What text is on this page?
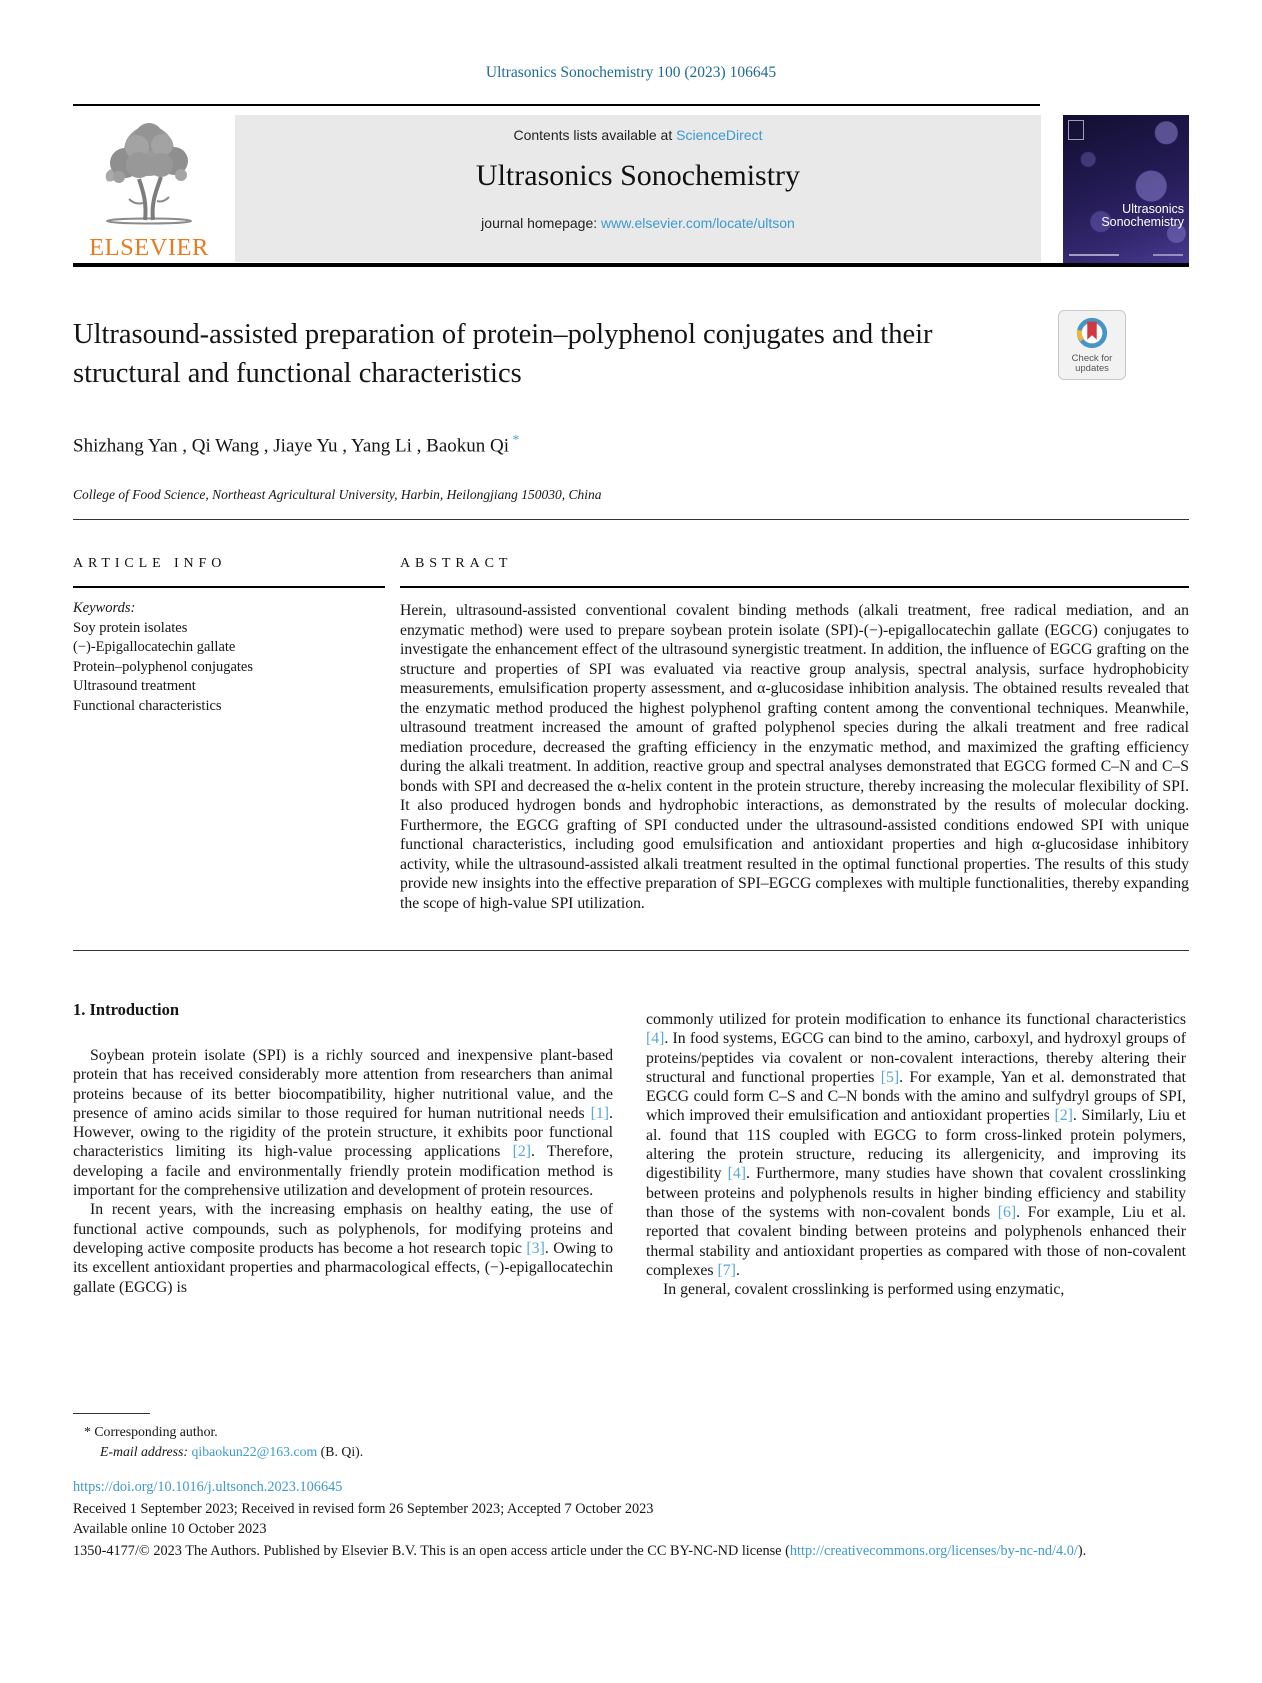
Ultrasonics Sonochemistry 100 (2023) 106645
ELSEVIER
Contents lists available at ScienceDirect
Ultrasonics Sonochemistry
journal homepage: www.elsevier.com/locate/ultson
Ultrasonics
Sonochemistry
Ultrasound-assisted preparation of protein–polyphenol conjugates and their structural and functional characteristics	Check for
updates
Shizhang Yan , Qi Wang , Jiaye Yu , Yang Li , Baokun Qi *
College of Food Science, Northeast Agricultural University, Harbin, Heilongjiang 150030, China
ARTICLE INFO
Keywords:
Soy protein isolates
(−)-Epigallocatechin gallate
Protein–polyphenol conjugates
Ultrasound treatment
Functional characteristics
ABSTRACT
Herein, ultrasound-assisted conventional covalent binding methods (alkali treatment, free radical mediation, and an enzymatic method) were used to prepare soybean protein isolate (SPI)-(−)-epigallocatechin gallate (EGCG) conjugates to investigate the enhancement effect of the ultrasound synergistic treatment. In addition, the influence of EGCG grafting on the structure and properties of SPI was evaluated via reactive group analysis, spectral analysis, surface hydrophobicity measurements, emulsification property assessment, and α-glucosidase inhibition analysis. The obtained results revealed that the enzymatic method produced the highest polyphenol grafting content among the conventional techniques. Meanwhile, ultrasound treatment increased the amount of grafted polyphenol species during the alkali treatment and free radical mediation procedure, decreased the grafting efficiency in the enzymatic method, and maximized the grafting efficiency during the alkali treatment. In addition, reactive group and spectral analyses demonstrated that EGCG formed C–N and C–S bonds with SPI and decreased the α-helix content in the protein structure, thereby increasing the molecular flexibility of SPI. It also produced hydrogen bonds and hydrophobic interactions, as demonstrated by the results of molecular docking. Furthermore, the EGCG grafting of SPI conducted under the ultrasound-assisted conditions endowed SPI with unique functional characteristics, including good emulsification and antioxidant properties and high α-glucosidase inhibitory activity, while the ultrasound-assisted alkali treatment resulted in the optimal functional properties. The results of this study provide new insights into the effective preparation of SPI–EGCG complexes with multiple functionalities, thereby expanding the scope of high-value SPI utilization.
1. Introduction

Soybean protein isolate (SPI) is a richly sourced and inexpensive plant-based protein that has received considerably more attention from researchers than animal proteins because of its better biocompatibility, higher nutritional value, and the presence of amino acids similar to those required for human nutritional needs [1]. However, owing to the rigidity of the protein structure, it exhibits poor functional characteristics limiting its high-value processing applications [2]. Therefore, developing a facile and environmentally friendly protein modification method is important for the comprehensive utilization and development of protein resources.

In recent years, with the increasing emphasis on healthy eating, the use of functional active compounds, such as polyphenols, for modifying proteins and developing active composite products has become a hot research topic [3]. Owing to its excellent antioxidant properties and pharmacological effects, (−)-epigallocatechin gallate (EGCG) is

commonly utilized for protein modification to enhance its functional characteristics [4]. In food systems, EGCG can bind to the amino, carboxyl, and hydroxyl groups of proteins/peptides via covalent or non-covalent interactions, thereby altering their structural and functional properties [5]. For example, Yan et al. demonstrated that EGCG could form C–S and C–N bonds with the amino and sulfydryl groups of SPI, which improved their emulsification and antioxidant properties [2]. Similarly, Liu et al. found that 11S coupled with EGCG to form cross-linked protein polymers, altering the protein structure, reducing its allergenicity, and improving its digestibility [4]. Furthermore, many studies have shown that covalent crosslinking between proteins and polyphenols results in higher binding efficiency and stability than those of the systems with non-covalent bonds [6]. For example, Liu et al. reported that covalent binding between proteins and polyphenols enhanced their thermal stability and antioxidant properties as compared with those of non-covalent complexes [7].

In general, covalent crosslinking is performed using enzymatic,

* Corresponding author.
E-mail address: qibaokun22@163.com (B. Qi).
https://doi.org/10.1016/j.ultsonch.2023.106645
Received 1 September 2023; Received in revised form 26 September 2023; Accepted 7 October 2023
Available online 10 October 2023
1350-4177/© 2023 The Authors. Published by Elsevier B.V. This is an open access article under the CC BY-NC-ND license (http://creativecommons.org/licenses/by-nc-nd/4.0/).
